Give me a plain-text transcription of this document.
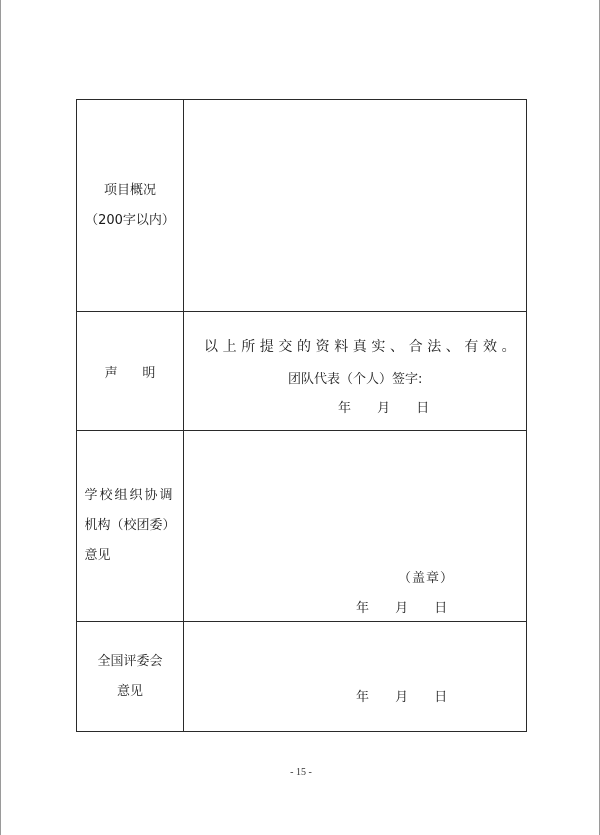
项目概况
（200字以内）	

声      明	以上所提交的资料真实、合法、有效。
团队代表（个人）签字:
年 月 日

学校组织协调
机构（校团委）
意见	（盖章）
年 月 日

全国评委会
意见	年 月 日
- 15 -
